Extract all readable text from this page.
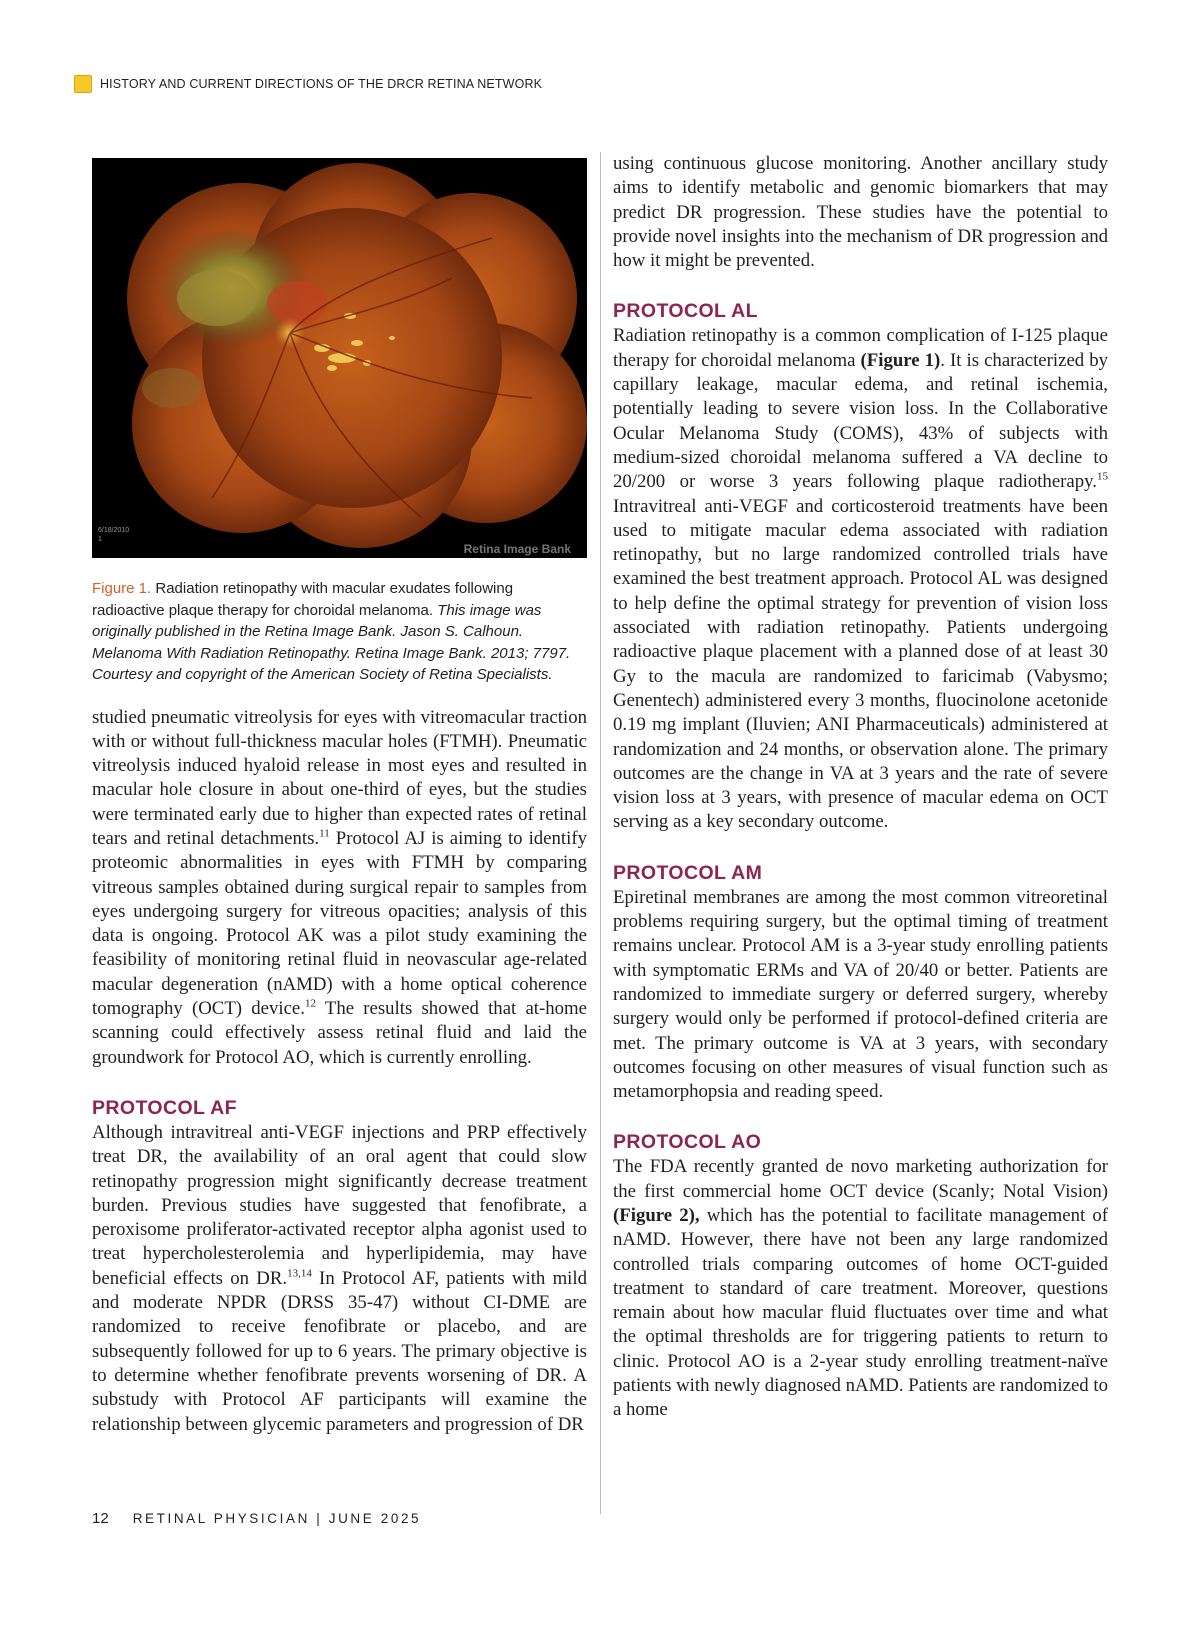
HISTORY AND CURRENT DIRECTIONS OF THE DRCR RETINA NETWORK
6/18/2010
1
Retina Image Bank

Figure 1. Radiation retinopathy with macular exudates following radioactive plaque therapy for choroidal melanoma. This image was originally published in the Retina Image Bank. Jason S. Calhoun. Melanoma With Radiation Retinopathy. Retina Image Bank. 2013; 7797. Courtesy and copyright of the American Society of Retina Specialists.

studied pneumatic vitreolysis for eyes with vitreomacular traction with or without full-thickness macular holes (FTMH). Pneumatic vitreolysis induced hyaloid release in most eyes and resulted in macular hole closure in about one-third of eyes, but the studies were terminated early due to higher than expected rates of retinal tears and retinal detachments.$^{11}$ Protocol AJ is aiming to identify proteomic abnormalities in eyes with FTMH by comparing vitreous samples obtained during surgical repair to samples from eyes undergoing surgery for vitreous opacities; analysis of this data is ongoing. Protocol AK was a pilot study examining the feasibility of monitoring retinal fluid in neovascular age-related macular degeneration (nAMD) with a home optical coherence tomography (OCT) device.$^{12}$ The results showed that at-home scanning could effectively assess retinal fluid and laid the groundwork for Protocol AO, which is currently enrolling.

PROTOCOL AF

Although intravitreal anti-VEGF injections and PRP effectively treat DR, the availability of an oral agent that could slow retinopathy progression might significantly decrease treatment burden. Previous studies have suggested that fenofibrate, a peroxisome proliferator-activated receptor alpha agonist used to treat hypercholesterolemia and hyperlipidemia, may have beneficial effects on DR.$^{13,14}$ In Protocol AF, patients with mild and moderate NPDR (DRSS 35-47) without CI-DME are randomized to receive fenofibrate or placebo, and are subsequently followed for up to 6 years. The primary objective is to determine whether fenofibrate prevents worsening of DR. A substudy with Protocol AF participants will examine the relationship between glycemic parameters and progression of DR

using continuous glucose monitoring. Another ancillary study aims to identify metabolic and genomic biomarkers that may predict DR progression. These studies have the potential to provide novel insights into the mechanism of DR progression and how it might be prevented.

PROTOCOL AL

Radiation retinopathy is a common complication of I-125 plaque therapy for choroidal melanoma (Figure 1). It is characterized by capillary leakage, macular edema, and retinal ischemia, potentially leading to severe vision loss. In the Collaborative Ocular Melanoma Study (COMS), 43% of subjects with medium-sized choroidal melanoma suffered a VA decline to 20/200 or worse 3 years following plaque radiotherapy.$^{15}$ Intravitreal anti-VEGF and corticosteroid treatments have been used to mitigate macular edema associated with radiation retinopathy, but no large randomized controlled trials have examined the best treatment approach. Protocol AL was designed to help define the optimal strategy for prevention of vision loss associated with radiation retinopathy. Patients undergoing radioactive plaque placement with a planned dose of at least 30 Gy to the macula are randomized to faricimab (Vabysmo; Genentech) administered every 3 months, fluocinolone acetonide 0.19 mg implant (Iluvien; ANI Pharmaceuticals) administered at randomization and 24 months, or observation alone. The primary outcomes are the change in VA at 3 years and the rate of severe vision loss at 3 years, with presence of macular edema on OCT serving as a key secondary outcome.

PROTOCOL AM

Epiretinal membranes are among the most common vitreoretinal problems requiring surgery, but the optimal timing of treatment remains unclear. Protocol AM is a 3-year study enrolling patients with symptomatic ERMs and VA of 20/40 or better. Patients are randomized to immediate surgery or deferred surgery, whereby surgery would only be performed if protocol-defined criteria are met. The primary outcome is VA at 3 years, with secondary outcomes focusing on other measures of visual function such as metamorphopsia and reading speed.

PROTOCOL AO

The FDA recently granted de novo marketing authorization for the first commercial home OCT device (Scanly; Notal Vision) (Figure 2), which has the potential to facilitate management of nAMD. However, there have not been any large randomized controlled trials comparing outcomes of home OCT-guided treatment to standard of care treatment. Moreover, questions remain about how macular fluid fluctuates over time and what the optimal thresholds are for triggering patients to return to clinic. Protocol AO is a 2-year study enrolling treatment-naïve patients with newly diagnosed nAMD. Patients are randomized to a home

12 RETINAL PHYSICIAN | JUNE 2025
